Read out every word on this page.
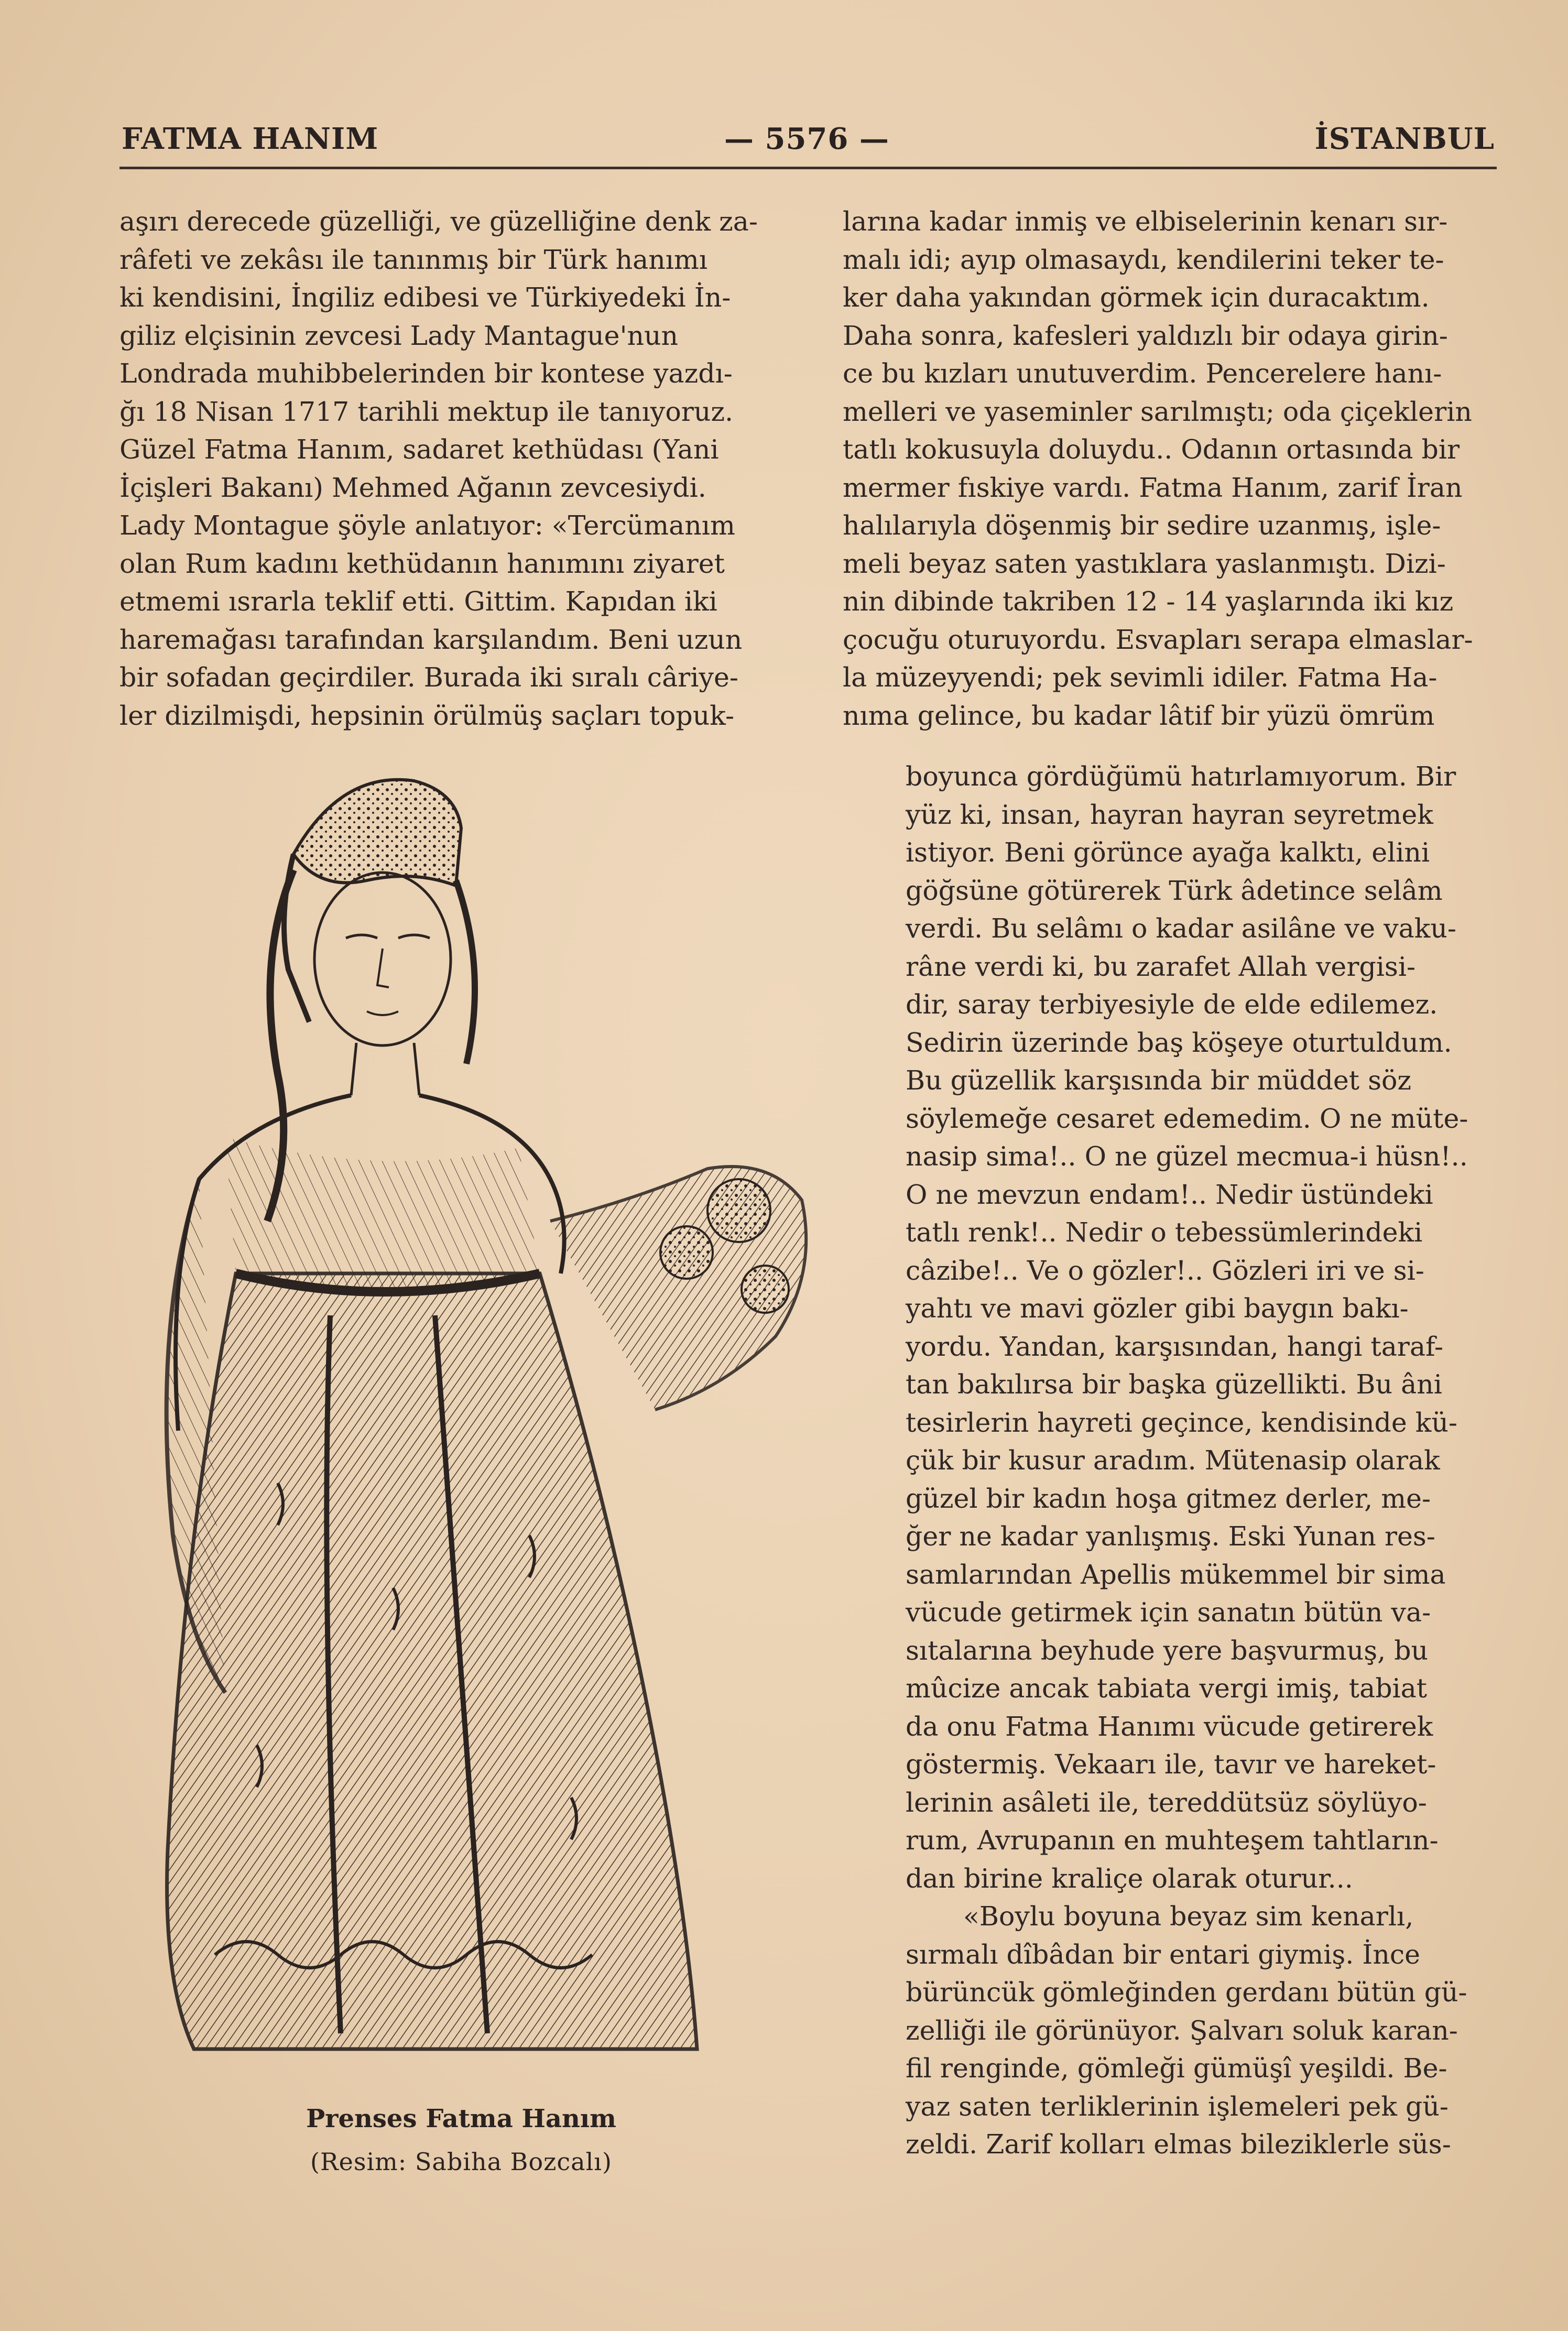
FATMA HANIM	— 5576 —	İSTANBUL

aşırı derecede güzelliği, ve güzelliğine denk za-
râfeti ve zekâsı ile tanınmış bir Türk hanımı
ki kendisini, İngiliz edibesi ve Türkiyedeki İn-
giliz elçisinin zevcesi Lady Mantague'nun
Londrada muhibbelerinden bir kontese yazdı-
ğı 18 Nisan 1717 tarihli mektup ile tanıyoruz.
Güzel Fatma Hanım, sadaret kethüdası (Yani
İçişleri Bakanı) Mehmed Ağanın zevcesiydi.
Lady Montague şöyle anlatıyor: «Tercümanım
olan Rum kadını kethüdanın hanımını ziyaret
etmemi ısrarla teklif etti. Gittim. Kapıdan iki
haremağası tarafından karşılandım. Beni uzun
bir sofadan geçirdiler. Burada iki sıralı câriye-
ler dizilmişdi, hepsinin örülmüş saçları topuk-

larına kadar inmiş ve elbiselerinin kenarı sır-
malı idi; ayıp olmasaydı, kendilerini teker te-
ker daha yakından görmek için duracaktım.
Daha sonra, kafesleri yaldızlı bir odaya girin-
ce bu kızları unutuverdim. Pencerelere hanı-
melleri ve yaseminler sarılmıştı; oda çiçeklerin
tatlı kokusuyla doluydu.. Odanın ortasında bir
mermer fıskiye vardı. Fatma Hanım, zarif İran
halılarıyla döşenmiş bir sedire uzanmış, işle-
meli beyaz saten yastıklara yaslanmıştı. Dizi-
nin dibinde takriben 12 - 14 yaşlarında iki kız
çocuğu oturuyordu. Esvapları serapa elmaslar-
la müzeyyendi; pek sevimli idiler. Fatma Ha-
nıma gelince, bu kadar lâtif bir yüzü ömrüm

boyunca gördüğümü hatırlamıyorum. Bir
yüz ki, insan, hayran hayran seyretmek
istiyor. Beni görünce ayağa kalktı, elini
göğsüne götürerek Türk âdetince selâm
verdi. Bu selâmı o kadar asilâne ve vaku-
râne verdi ki, bu zarafet Allah vergisi-
dir, saray terbiyesiyle de elde edilemez.
Sedirin üzerinde baş köşeye oturtuldum.
Bu güzellik karşısında bir müddet söz
söylemeğe cesaret edemedim. O ne müte-
nasip sima!.. O ne güzel mecmua-i hüsn!..
O ne mevzun endam!.. Nedir üstündeki
tatlı renk!.. Nedir o tebessümlerindeki
câzibe!.. Ve o gözler!.. Gözleri iri ve si-
yahtı ve mavi gözler gibi baygın bakı-
yordu. Yandan, karşısından, hangi taraf-
tan bakılırsa bir başka güzellikti. Bu âni
tesirlerin hayreti geçince, kendisinde kü-
çük bir kusur aradım. Mütenasip olarak
güzel bir kadın hoşa gitmez derler, me-
ğer ne kadar yanlışmış. Eski Yunan res-
samlarından Apellis mükemmel bir sima
vücude getirmek için sanatın bütün va-
sıtalarına beyhude yere başvurmuş, bu
mûcize ancak tabiata vergi imiş, tabiat
da onu Fatma Hanımı vücude getirerek
göstermiş. Vekaarı ile, tavır ve hareket-
lerinin asâleti ile, tereddütsüz söylüyo-
rum, Avrupanın en muhteşem tahtların-
dan birine kraliçe olarak oturur...

«Boylu boyuna beyaz sim kenarlı,
sırmalı dîbâdan bir entari giymiş. İnce
bürüncük gömleğinden gerdanı bütün gü-
zelliği ile görünüyor. Şalvarı soluk karan-
fil renginde, gömleği gümüşî yeşildi. Be-
yaz saten terliklerinin işlemeleri pek gü-
zeldi. Zarif kolları elmas bileziklerle süs-

Prenses Fatma Hanım
(Resim: Sabiha Bozcalı)
